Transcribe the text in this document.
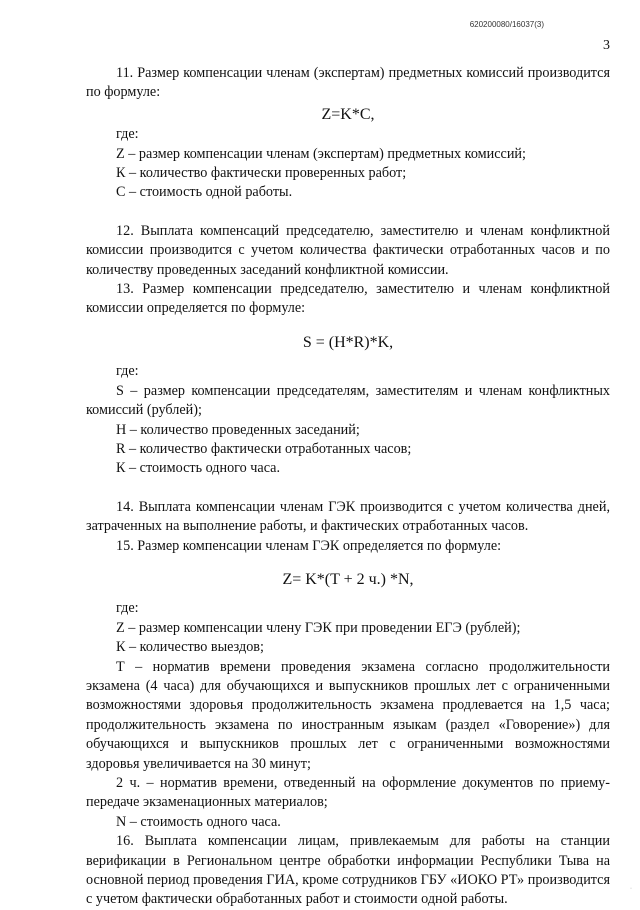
620200080/16037(3)
3

11. Размер компенсации членам (экспертам) предметных комиссий производится по формуле:

Z=K*C,

где:

Z – размер компенсации членам (экспертам) предметных комиссий;

К – количество фактически проверенных работ;

С – стоимость одной работы.

12. Выплата компенсаций председателю, заместителю и членам конфликтной комиссии производится с учетом количества фактически отработанных часов и по количеству проведенных заседаний конфликтной комиссии.

13. Размер компенсации председателю, заместителю и членам конфликтной комиссии определяется по формуле:

S = (H*R)*K,

где:

S – размер компенсации председателям, заместителям и членам конфликтных комиссий (рублей);

Н – количество проведенных заседаний;

R – количество фактически отработанных часов;

К – стоимость одного часа.

14. Выплата компенсации членам ГЭК производится с учетом количества дней, затраченных на выполнение работы, и фактических отработанных часов.

15. Размер компенсации членам ГЭК определяется по формуле:

Z= K*(T + 2 ч.) *N,

где:

Z – размер компенсации члену ГЭК при проведении ЕГЭ (рублей);

К – количество выездов;

Т – норматив времени проведения экзамена согласно продолжительности экзамена (4 часа) для обучающихся и выпускников прошлых лет с ограниченными возможностями здоровья продолжительность экзамена продлевается на 1,5 часа; продолжительность экзамена по иностранным языкам (раздел «Говорение») для обучающихся и выпускников прошлых лет с ограниченными возможностями здоровья увеличивается на 30 минут;

2 ч. – норматив времени, отведенный на оформление документов по приему-передаче экзаменационных материалов;

N – стоимость одного часа.

16. Выплата компенсации лицам, привлекаемым для работы на станции верификации в Региональном центре обработки информации Республики Тыва на основной период проведения ГИА, кроме сотрудников ГБУ «ИОКО РТ» производится с учетом фактически обработанных работ и стоимости одной работы.

·
